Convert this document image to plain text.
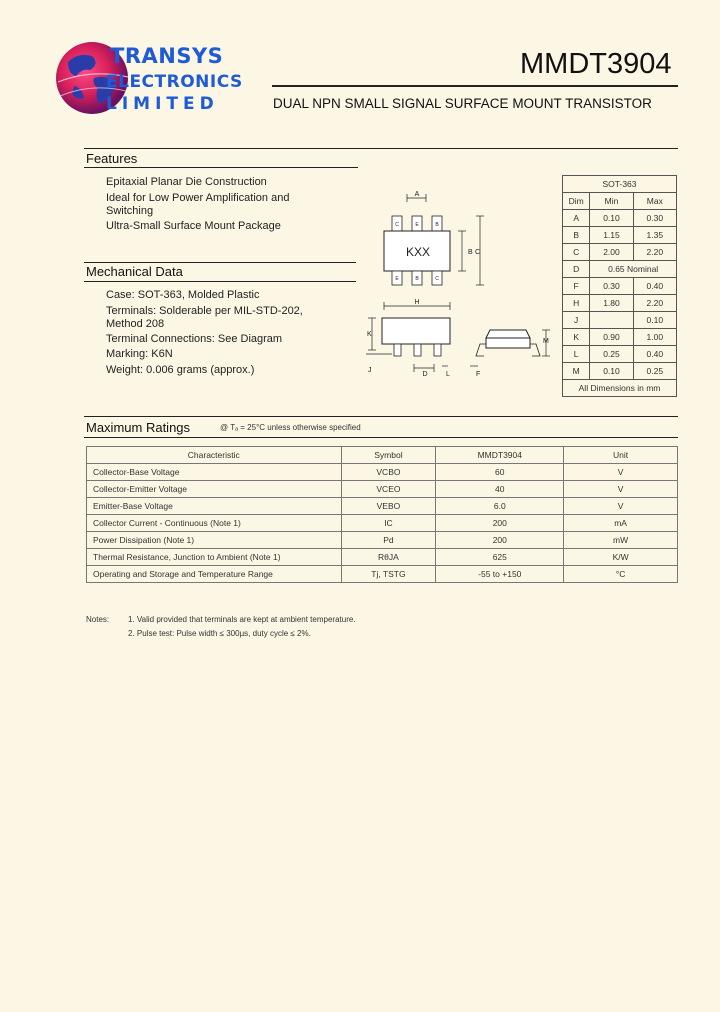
TRANSYS
ELECTRONICS
LIMITED
MMDT3904
DUAL NPN SMALL SIGNAL SURFACE MOUNT TRANSISTOR
Features
Epitaxial Planar Die Construction
Ideal for Low Power Amplification and
Switching
Ultra-Small Surface Mount Package
Mechanical Data
Case: SOT-363, Molded Plastic
Terminals: Solderable per MIL-STD-202,
Method 208
Terminal Connections: See Diagram
Marking: K6N
Weight: 0.006 grams (approx.)
A
C	E	B
KXX
E	B	C
B C
H
K
J
D	L	F
M
SOT-363		
Dim	Min	Max
A	0.10	0.30
B	1.15	1.35
C	2.00	2.20
D	0.65 Nominal	
F	0.30	0.40
H	1.80	2.20
J		0.10
K	0.90	1.00
L	0.25	0.40
M	0.10	0.25
All Dimensions in mm		
Maximum Ratings	@ Tₐ = 25°C unless otherwise specified
Characteristic	Symbol	MMDT3904	Unit
Collector-Base Voltage	VCBO	60	V
Collector-Emitter Voltage	VCEO	40	V
Emitter-Base Voltage	VEBO	6.0	V
Collector Current - Continuous (Note 1)	IC	200	mA
Power Dissipation (Note 1)	Pd	200	mW
Thermal Resistance, Junction to Ambient (Note 1)	RθJA	625	K/W
Operating and Storage and Temperature Range	Tj, TSTG	-55 to +150	°C
Notes: 1. Valid provided that terminals are kept at ambient temperature.
2. Pulse test: Pulse width ≤ 300µs, duty cycle ≤ 2%.
